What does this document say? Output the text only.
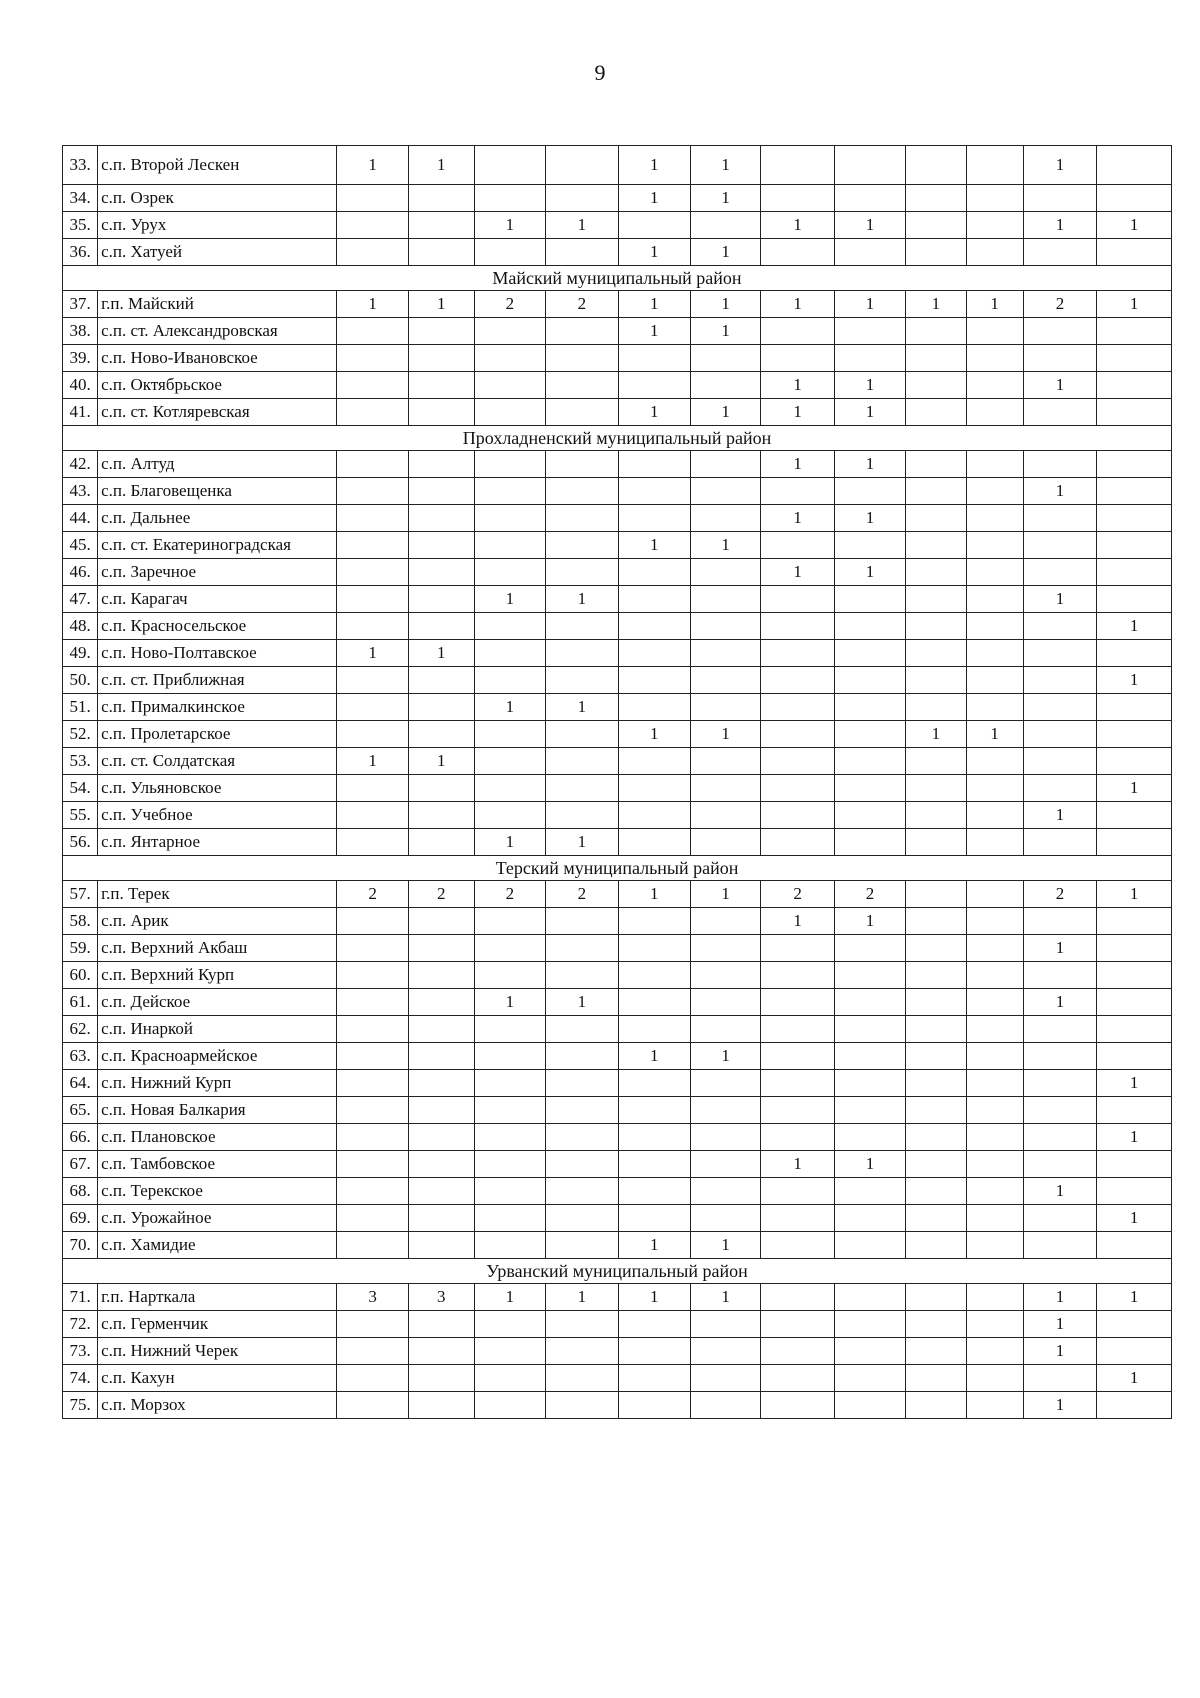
9
33.	с.п. Второй Лескен	1	1			1	1					1	
34.	с.п. Озрек					1	1						
35.	с.п. Урух			1	1			1	1			1	1
36.	с.п. Хатуей					1	1						
Майский муниципальный район													
37.	г.п. Майский	1	1	2	2	1	1	1	1	1	1	2	1
38.	с.п. ст. Александровская					1	1						
39.	с.п. Ново-Ивановское												
40.	с.п. Октябрьское							1	1			1	
41.	с.п. ст. Котляревская					1	1	1	1				
Прохладненский муниципальный район													
42.	с.п. Алтуд							1	1				
43.	с.п. Благовещенка											1	
44.	с.п. Дальнее							1	1				
45.	с.п. ст. Екатериноградская					1	1						
46.	с.п. Заречное							1	1				
47.	с.п. Карагач			1	1							1	
48.	с.п. Красносельское												1
49.	с.п. Ново-Полтавское	1	1										
50.	с.п. ст. Приближная												1
51.	с.п. Прималкинское			1	1								
52.	с.п. Пролетарское					1	1			1	1		
53.	с.п. ст. Солдатская	1	1										
54.	с.п. Ульяновское												1
55.	с.п. Учебное											1	
56.	с.п. Янтарное			1	1								
Терский муниципальный район													
57.	г.п. Терек	2	2	2	2	1	1	2	2			2	1
58.	с.п. Арик							1	1				
59.	с.п. Верхний Акбаш											1	
60.	с.п. Верхний Курп												
61.	с.п. Дейское			1	1							1	
62.	с.п. Инаркой												
63.	с.п. Красноармейское					1	1						
64.	с.п. Нижний Курп												1
65.	с.п. Новая Балкария												
66.	с.п. Плановское												1
67.	с.п. Тамбовское							1	1				
68.	с.п. Терекское											1	
69.	с.п. Урожайное												1
70.	с.п. Хамидие					1	1						
Урванский муниципальный район													
71.	г.п. Нарткала	3	3	1	1	1	1					1	1
72.	с.п. Герменчик											1	
73.	с.п. Нижний Черек											1	
74.	с.п. Кахун												1
75.	с.п. Морзох											1	
